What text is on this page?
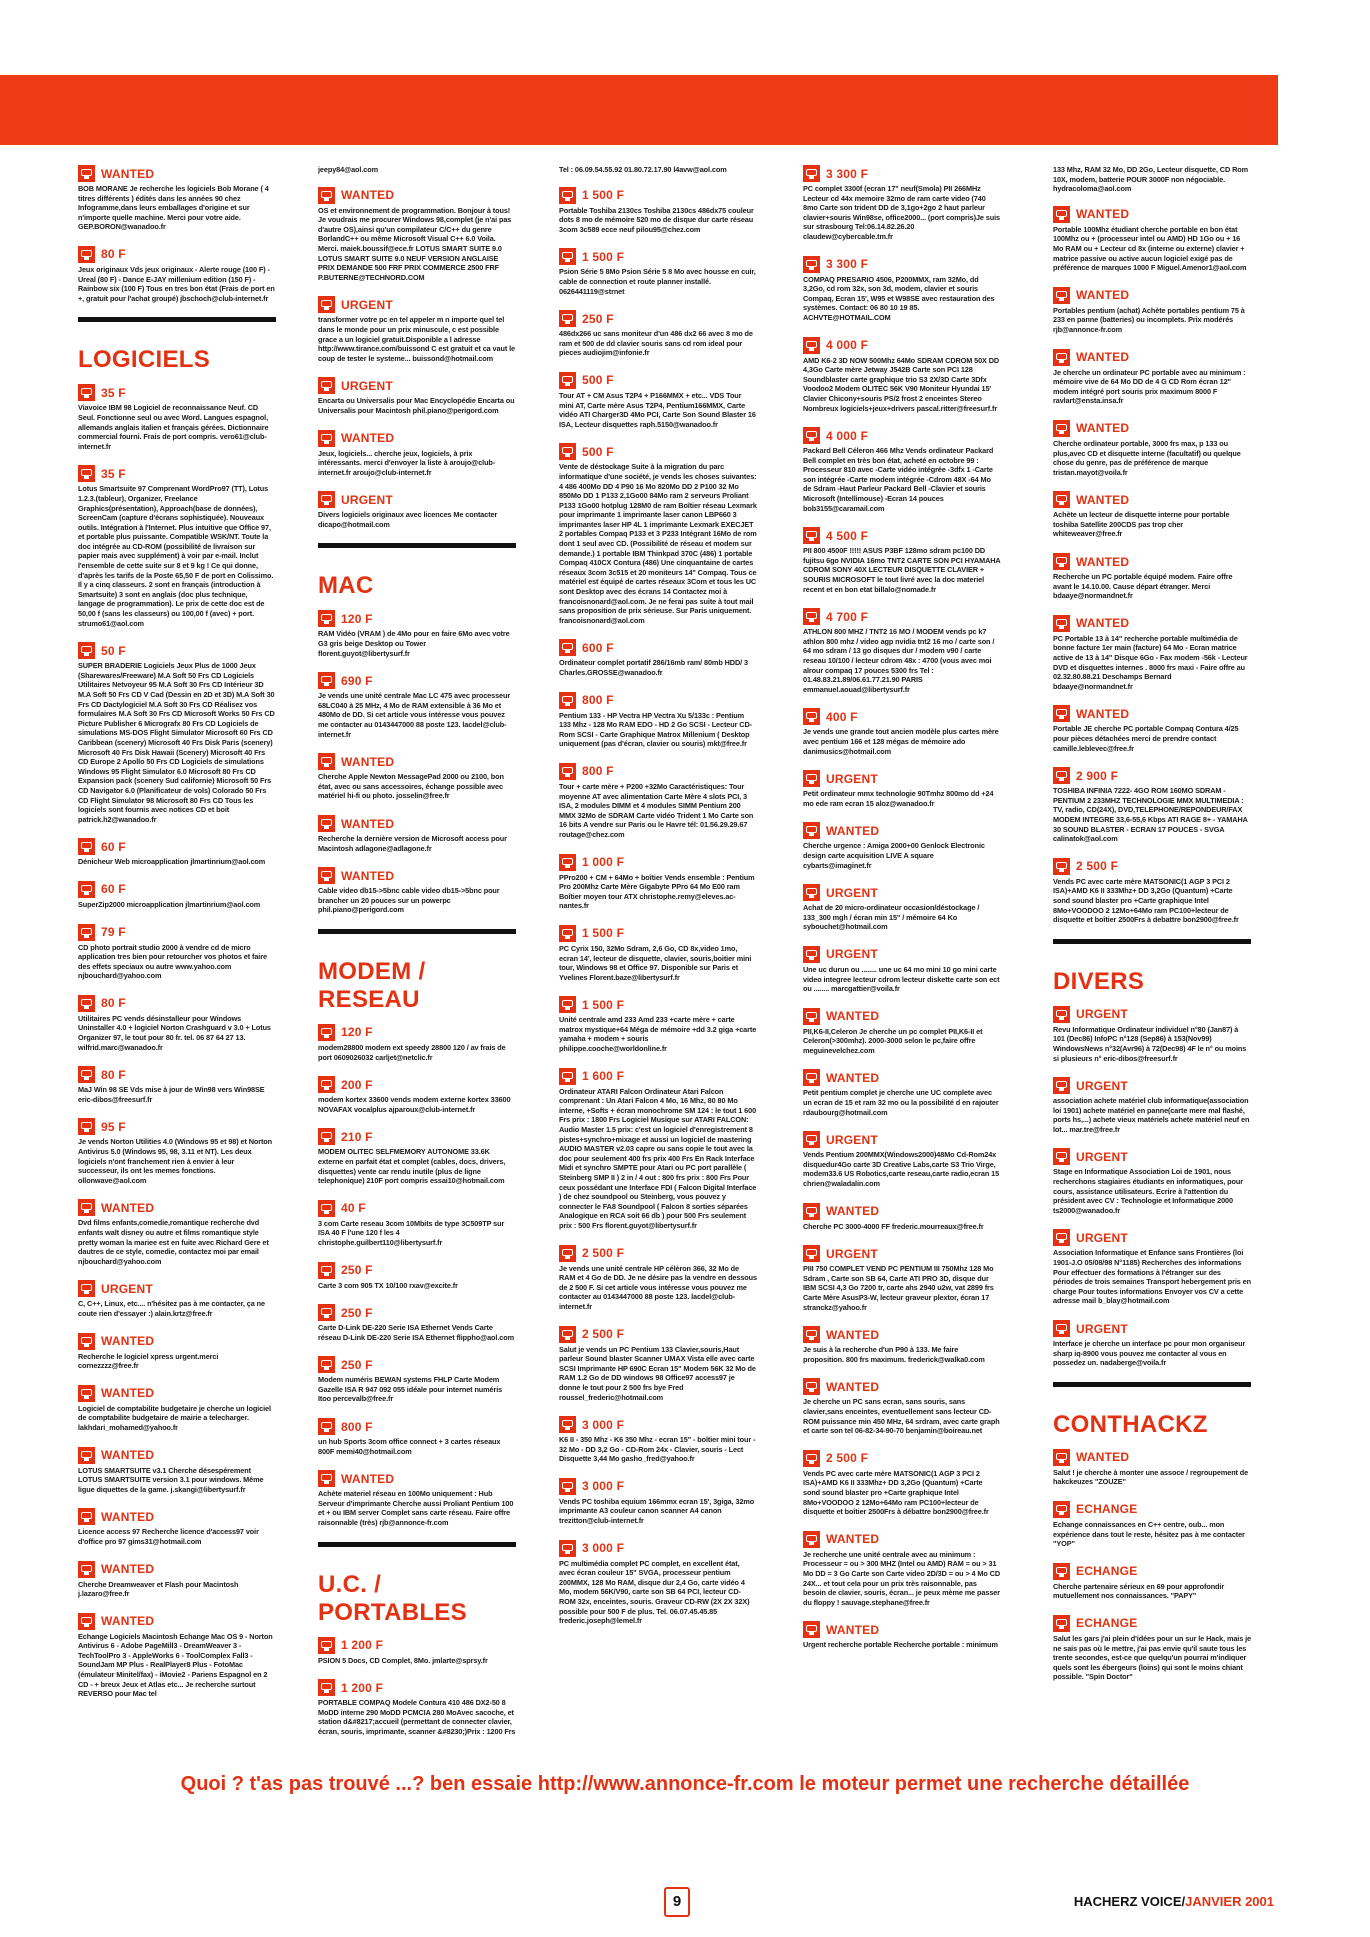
WANTED
BOB MORANE Je recherche les logiciels Bob Morane ( 4 titres différents ) édités dans les années 90 chez Infogramme,dans leurs emballages d'origine et sur n'importe quelle machine. Merci pour votre aide. GEP.BORON@wanadoo.fr
80 F
Jeux originaux Vds jeux originaux - Alerte rouge (100 F) - Ureal (80 F) - Dance E-JAY millenium edition (150 F) - Rainbow six (100 F) Tous en tres bon état (Frais de port en +, gratuit pour l'achat groupé) jbschoch@club-internet.fr
LOGICIELS
35 F
Viavoice IBM 98 Logiciel de reconnaissance Neuf. CD Seul. Fonctionne seul ou avec Word. Langues espagnol, allemands anglais italien et français gérées. Dictionnaire commercial fourni. Frais de port compris. vero61@club-internet.fr
35 F
Lotus Smartsuite 97 Comprenant WordPro97 (TT), Lotus 1.2.3.(tableur), Organizer, Freelance Graphics(présentation), Approach(base de données), ScreenCam (capture d'écrans sophistiquée). Nouveaux outils. Intégration à l'Internet. Plus intuitive que Office 97, et portable plus puissante. Compatible WSK/NT. Toute la doc intégrée au CD-ROM (possibilité de livraison sur papier mais avec supplément) à voir par e-mail. Inclut l'ensemble de cette suite sur 8 et 9 kg ! Ce qui donne, d'après les tarifs de la Poste 65,50 F de port en Colissimo. Il y a cinq classeurs. 2 sont en français (introduction à Smartsuite) 3 sont en anglais (doc plus technique, langage de programmation). Le prix de cette doc est de 50,00 f (sans les classeurs) ou 100,00 f (avec) + port. strumo61@aol.com
50 F
SUPER BRADERIE Logiciels Jeux Plus de 1000 Jeux (Sharewares/Freeware) M.A Soft 50 Frs CD Logiciels Utilitaires Netvoyeur 95 M.A Soft 30 Frs CD Intérieur 3D M.A Soft 50 Frs CD V Cad (Dessin en 2D et 3D) M.A Soft 30 Frs CD Dactylogiciel M.A Soft 30 Frs CD Réalisez vos formulaires M.A Soft 30 Frs CD Microsoft Works 50 Frs CD Picture Publisher 6 Micrografx 80 Frs CD Logiciels de simulations MS-DOS Flight Simulator Microsoft 60 Frs CD Caribbean (scenery) Microsoft 40 Frs Disk Paris (scenery) Microsoft 40 Frs Disk Hawaii (Scenery) Microsoft 40 Frs CD Europe 2 Apollo 50 Frs CD Logiciels de simulations Windows 95 Flight Simulator 6.0 Microsoft 80 Frs CD Expansion pack (scenery Sud californie) Microsoft 50 Frs CD Navigator 6.0 (Planificateur de vols) Colorado 50 Frs CD Flight Simulator 98 Microsoft 80 Frs CD Tous les logiciels sont fournis avec notices CD et boit patrick.h2@wanadoo.fr
60 F
Dénicheur Web microapplication jlmartinrium@aol.com
60 F
SuperZip2000 microapplication jlmartinrium@aol.com
79 F
CD photo portrait studio 2000 à vendre cd de micro application tres bien pour retourcher vos photos et faire des effets speciaux ou autre www.yahoo.com njbouchard@yahoo.com
80 F
Utilitaires PC vends désinstalleur pour Windows Uninstaller 4.0 + logiciel Norton Crashguard v 3.0 + Lotus Organizer 97, le tout pour 80 fr. tel. 06 87 64 27 13. wilfrid.marc@wanadoo.fr
80 F
MaJ Win 98 SE Vds mise à jour de Win98 vers Win98SE eric-dibos@freesurf.fr
95 F
Je vends Norton Utilities 4.0 (Windows 95 et 98) et Norton Antivirus 5.0 (Windows 95, 98, 3.11 et NT). Les deux logiciels n'ont franchement rien à envier à leur successeur, ils ont les memes fonctions. ollonwave@aol.com
WANTED
Dvd films enfants,comedie,romantique recherche dvd enfants walt disney ou autre et films romantique style pretty woman la mariee est en fuite avec Richard Gere et dautres de ce style, comedie, contactez moi par email njbouchard@yahoo.com
URGENT
C, C++, Linux, etc.... n'hésitez pas à me contacter, ça ne coute rien d'essayer :) alain.krtz@free.fr
WANTED
Recherche le logiciel xpress urgent.merci cornezzzz@free.fr
WANTED
Logiciel de comptabilite budgetaire je cherche un logiciel de comptabilite budgetaire de mairie a telecharger. lakhdari_mohamed@yahoo.fr
WANTED
LOTUS SMARTSUITE v3.1 Cherche désespérement LOTUS SMARTSUITE version 3.1 pour windows. Même ligue diquettes de la game. j.skangi@libertysurf.fr
WANTED
Licence access 97 Recherche licence d'access97 voir d'office pro 97 gims31@hotmail.com
WANTED
Cherche Dreamweaver et Flash pour Macintosh j.lazaro@free.fr
WANTED
Echange Logiciels Macintosh Echange Mac OS 9 - Norton Antivirus 6 - Adobe PageMill3 - DreamWeaver 3 - TechToolPro 3 - AppleWorks 6 - ToolComplex Fall3 - SoundJam MP Plus - RealPlayer8 Plus - FotoMac (émulateur Minitel/fax) - iMovie2 - Pariens Espagnol en 2 CD - + breux Jeux et Atlas etc... Je recherche surtout REVERSO pour Mac tel
jeepy84@aol.com
WANTED
OS et environnement de programmation. Bonjour à tous! Je voudrais me procurer Windows 98,complet (je n'ai pas d'autre OS),ainsi qu'un compilateur C/C++ du genre BorlandC++ ou même Microsoft Visual C++ 6.0 Voila. Merci. maiek.boussif@ece.fr LOTUS SMART SUITE 9.0 LOTUS SMART SUITE 9.0 NEUF VERSION ANGLAISE PRIX DEMANDE 500 FRF PRIX COMMERCE 2500 FRF P.BUTERNE@TECHNORD.COM
URGENT
transformer votre pc en tel appeler m n importe quel tel dans le monde pour un prix minuscule, c est possible grace a un logiciel gratuit.Disponible a l adresse http://www.tirance.com/buissond C est gratuit et ca vaut le coup de tester le systeme... buissond@hotmail.com
URGENT
Encarta ou Universalis pour Mac Encyclopédie Encarta ou Universalis pour Macintosh phil.piano@perigord.com
WANTED
Jeux, logiciels... cherche jeux, logiciels, à prix intéressants. merci d'envoyer la liste à aroujo@club-internet.fr aroujo@club-internet.fr
URGENT
Divers logiciels originaux avec licences Me contacter dicapo@hotmail.com
MAC
120 F
RAM Vidéo (VRAM ) de 4Mo pour en faire 6Mo avec votre G3 gris beige Desktop ou Tower florent.guyot@libertysurf.fr
690 F
Je vends une unité centrale Mac LC 475 avec processeur 68LC040 à 25 MHz, 4 Mo de RAM extensible à 36 Mo et 480Mo de DD. Si cet article vous intéresse vous pouvez me contacter au 0143447000 88 poste 123. lacdel@club-internet.fr
WANTED
Cherche Apple Newton MessagePad 2000 ou 2100, bon état, avec ou sans accessoires, échange possible avec matériel hi-fi ou photo. josselin@free.fr
WANTED
Recherche la dernière version de Microsoft access pour Macintosh adlagone@adlagone.fr
WANTED
Cable video db15->5bnc cable video db15->5bnc pour brancher un 20 pouces sur un powerpc phil.piano@perigord.com
MODEM / RESEAU
120 F
modem28800 modem ext speedy 28800 120 / av frais de port 0609026032 carljet@netclic.fr
200 F
modem kortex 33600 vends modem externe kortex 33600 NOVAFAX vocalplus ajparoux@club-internet.fr
210 F
MODEM OLITEC SELFMEMORY AUTONOME 33.6K externe en parfait état et complet (cables, docs, drivers, disquettes) vente car rendu inutile (plus de ligne telephonique) 210F port compris essai10@hotmail.com
40 F
3 com Carte reseau 3com 10Mbits de type 3C509TP sur ISA 40 F l'une 120 f les 4 christophe.guilbert110@libertysurf.fr
250 F
Carte 3 com 905 TX 10/100 rxav@excite.fr
250 F
Carte D-Link DE-220 Serie ISA Ethernet Vends Carte réseau D-Link DE-220 Serie ISA Ethernet flippho@aol.com
250 F
Modem numéris BEWAN systems FHLP Carte Modem Gazelle ISA R 947 092 055 idéale pour internet numéris Itoo percevalb@free.fr
800 F
un hub Sports 3com office connect + 3 cartes réseaux 800F memi40@hotmail.com
WANTED
Achète materiel réseau en 100Mo uniquement : Hub Serveur d'imprimante Cherche aussi Proliant Pentium 100 et + ou IBM server Complet sans carte réseau. Faire offre raisonnable (très) rjb@annonce-fr.com
U.C. / PORTABLES
1 200 F
PSION 5 Docs, CD Complet, 8Mo. jmlarte@sprsy.fr
1 200 F
PORTABLE COMPAQ Modele Contura 410 486 DX2-50 8 MoDD interne 290 MoDD PCMCIA 280 MoAvec sacoche, et station d&#8217;accueil (permettant de connecter clavier, écran, souris, imprimante, scanner &#8230;)Prix : 1200 Frs
Tel : 06.09.54.55.92 01.80.72.17.90 l4avw@aol.com
1 500 F
Portable Toshiba 2130cs Toshiba 2130cs 486dx75 couleur dots 8 mo de mémoire 520 mo de disque dur carte réseau 3com 3c589 ecce neuf pilou95@chez.com
1 500 F
Psion Série 5 8Mo Psion Série 5 8 Mo avec housse en cuir, cable de connection et route planner installé. 0626441119@strnet
250 F
486dx266 uc sans moniteur d'un 486 dx2 66 avec 8 mo de ram et 500 de dd clavier souris sans cd rom ideal pour pieces audiojim@infonie.fr
500 F
Tour AT + CM Asus T2P4 + P166MMX + etc... VDS Tour mini AT, Carte mère Asus T2P4, Pentium166MMX, Carte vidéo ATI Charger3D 4Mo PCI, Carte Son Sound Blaster 16 ISA, Lecteur disquettes raph.5150@wanadoo.fr
500 F
Vente de déstockage Suite à la migration du parc informatique d'une société, je vends les choses suivantes: 4 486 400Mo DD 4 P90 16 Mo 820Mo DD 2 P100 32 Mo 850Mo DD 1 P133 2,1Go00 84Mo ram 2 serveurs Proliant P133 1Go00 hotplug 128M0 de ram Boîtier réseau Lexmark pour imprimante 1 imprimante laser canon LBP660 3 imprimantes laser HP 4L 1 imprimante Lexmark EXECJET 2 portables Compaq P133 et 3 P233 Intégrant 16Mo de rom dont 1 seul avec CD. (Possibilité de réseau et modem sur demande.) 1 portable IBM Thinkpad 370C (486) 1 portable Compaq 410CX Contura (486) Une cinquantaine de cartes réseaux 3com 3c515 et 20 moniteurs 14" Compaq. Tous ce matériel est équipé de cartes réseaux 3Com et tous les UC sont Desktop avec des écrans 14 Contactez moi à francoisnonard@aol.com. Je ne ferai pas suite à tout mail sans proposition de prix sérieuse. Sur Paris uniquement. francoisnonard@aol.com
600 F
Ordinateur complet portatif 286/16mb ram/ 80mb HDD/ 3 Charles.GROSSE@wanadoo.fr
800 F
Pentium 133 - HP Vectra HP Vectra Xu 5/133c : Pentium 133 Mhz - 128 Mo RAM EDO - HD 2 Go SCSI - Lecteur CD-Rom SCSI - Carte Graphique Matrox Millenium ( Desktop uniquement (pas d'écran, clavier ou souris) mkt@free.fr
800 F
Tour + carte mère + P200 +32Mo Caractéristiques: Tour moyenne AT avec alimentation Carte Mère 4 slots PCI, 3 ISA, 2 modules DIMM et 4 modules SIMM Pentium 200 MMX 32Mo de SDRAM Carte vidéo Trident 1 Mo Carte son 16 bits A vendre sur Paris ou le Havre tél: 01.56.29.29.67 routage@chez.com
1 000 F
PPro200 + CM + 64Mo + boîtier Vends ensemble : Pentium Pro 200Mhz Carte Mère Gigabyte PPro 64 Mo E00 ram Boîtier moyen tour ATX christophe.remy@eleves.ac-nantes.fr
1 500 F
PC Cyrix 150, 32Mo Sdram, 2,6 Go, CD 8x,video 1mo, ecran 14', lecteur de disquette, clavier, souris,boitier mini tour, Windows 98 et Office 97. Disponible sur Paris et Yvelines Florent.baze@libertysurf.fr
1 500 F
Unité centrale amd 233 Amd 233 +carte mère + carte matrox mystique+64 Méga de mémoire +dd 3.2 giga +carte yamaha + modem + souris philippe.cooche@worldonline.fr
1 600 F
Ordinateur ATARI Falcon Ordinateur Atari Falcon comprenant : Un Atari Falcon 4 Mo, 16 Mhz, 80 80 Mo interne, +Softs + écran monochrome SM 124 : le tout 1 600 Frs prix : 1800 Frs Logiciel Musique sur ATARI FALCON: Audio Master 1.5 prix: c'est un logiciel d'enregistrement 8 pistes+synchro+mixage et aussi un logiciel de mastering AUDIO MASTER v2.03 capre ou sans copie le tout avec la doc pour seulement 400 frs prix 400 Frs En Rack Interface Midi et synchro SMPTE pour Atari ou PC port parallèle ( Steinberg SMP II ) 2 in / 4 out : 800 frs prix : 800 Frs Pour ceux possédant une Interface FDI ( Falcon Digital Interface ) de chez soundpool ou Steinberg, vous pouvez y connecter le FA8 Soundpool ( Falcon 8 sorties séparées Analogique en RCA soit 66 db ) pour 500 Frs seulement prix : 500 Frs florent.guyot@libertysurf.fr
2 500 F
Je vends une unité centrale HP célèron 366, 32 Mo de RAM et 4 Go de DD. Je ne désire pas la vendre en dessous de 2 500 F. Si cet article vous intéresse vous pouvez me contacter au 0143447000 88 poste 123. lacdel@club-internet.fr
2 500 F
Salut je vends un PC Pentium 133 Clavier,souris,Haut parleur Sound blaster Scanner UMAX Vista elle avec carte SCSI Imprimante HP 690C Ecran 15" Modem 56K 32 Mo de RAM 1.2 Go de DD windows 98 Office97 access97 je donne le tout pour 2 500 frs bye Fred roussel_frederic@hotmail.com
3 000 F
K6 II - 350 Mhz - K6 350 Mhz - ecran 15" - boîtier mini tour - 32 Mo - DD 3,2 Go - CD-Rom 24x - Clavier, souris - Lect Disquette 3,44 Mo gasho_fred@yahoo.fr
3 000 F
Vends PC toshiba equium 166mmx ecran 15', 3giga, 32mo imprimante A3 couleur canon scanner A4 canon trezitton@club-internet.fr
3 000 F
PC multimédia complet PC complet, en excellent état, avec écran couleur 15" SVGA, processeur pentium 200MMX, 128 Mo RAM, disque dur 2,4 Go, carte vidéo 4 Mo, modem 56K/V90, carte son SB 64 PCI, lecteur CD-ROM 32x, enceintes, souris. Graveur CD-RW (2X 2X 32X) possible pour 500 F de plus. Tel. 06.07.45.45.85 frederic.joseph@lemel.fr
3 300 F
PC complet 3300f (ecran 17" neuf(Smola) PII 266MHz Lecteur cd 44x memoire 32mo de ram carte video (740 8mo Carte son trident DD de 3,1go+2go 2 haut parleur clavier+souris Win98se, office2000... (port compris)Je suis sur strasbourg Tel:06.14.82.26.20 claudew@cybercable.tm.fr
3 300 F
COMPAQ PRESARIO 4506, P200MMX, ram 32Mo, dd 3,2Go, cd rom 32x, son 3d, modem, clavier et souris Compaq, Ecran 15', W95 et W98SE avec restauration des systèmes. Contact: 06 80 10 19 85. ACHVTE@HOTMAIL.COM
4 000 F
AMD K6-2 3D NOW 500Mhz 64Mo SDRAM CDROM 50X DD 4,3Go Carte mère Jetway J542B Carte son PCI 128 Soundblaster carte graphique trio S3 2X/3D Carte 3Dfx Voodoo2 Modem OLITEC 56K V90 Moniteur Hyundai 15' Clavier Chicony+souris PS/2 frost 2 enceintes Stereo Nombreux logiciels+jeux+drivers pascal.ritter@freesurf.fr
4 000 F
Packard Bell Céleron 466 Mhz Vends ordinateur Packard Bell complet en très bon état, acheté en octobre 99 : Processeur 810 avec -Carte vidéo intégrée -3dfx 1 -Carte son intégrée -Carte modem intégrée -Cdrom 48X -64 Mo de Sdram -Haut Parleur Packard Bell -Clavier et souris Microsoft (Intellimouse) -Ecran 14 pouces bob3155@caramail.com
4 500 F
PII 800 4500F !!!!! ASUS P3BF 128mo sdram pc100 DD fujitsu 6go NVIDIA 16mo TNT2 CARTE SON PCI HYAMAHA CDROM SONY 40X LECTEUR DISQUETTE CLAVIER + SOURIS MICROSOFT le tout livré avec la doc materiel recent et en bon etat billalo@nomade.fr
4 700 F
ATHLON 800 MHZ / TNT2 16 MO / MODEM vends pc k7 athlon 800 mhz / video agp nvidia tnt2 16 mo / carte son / 64 mo sdram / 13 go disques dur / modem v90 / carte reseau 10/100 / lecteur cdrom 48x : 4700 (vous avec moi alrour compaq 17 pouces 5300 frs Tel : 01.48.83.21.89/06.61.77.21.90 PARIS emmanuel.aouad@libertysurf.fr
400 F
Je vends une grande tout ancien modèle plus cartes mère avec pentium 166 et 128 mégas de mémoire ado danimusics@hotmail.com
URGENT
Petit ordinateur mmx technologie 90Tmhz 800mo dd +24 mo ede ram ecran 15 aloz@wanadoo.fr
WANTED
Cherche urgence : Amiga 2000+00 Genlock Electronic design carte acquisition LIVE A square cybarts@imaginet.fr
URGENT
Achat de 20 micro-ordinateur occasion/déstockage / 133_300 mgh / écran min 15" / mémoire 64 Ko sybouchet@hotmail.com
URGENT
Une uc durun ou ........ une uc 64 mo mini 10 go mini carte video integree lecteur cdrom lecteur diskette carte son ect ou ........ marcgattier@voila.fr
WANTED
PII,K6-II,Celeron Je cherche un pc complet PII,K6-II et Celeron(>300mhz). 2000-3000 selon le pc,faire offre meguinevelchez.com
WANTED
Petit pentium complet je cherche une UC complete avec un ecran de 15 et ram 32 mo ou la possibilité d en rajouter rdaubourg@hotmail.com
URGENT
Vends Pentium 200MMX(Windows2000)48Mo Cd-Rom24x disquedur4Go carte 3D Creative Labs,carte S3 Trio Virge, modem33.6 US Robotics,carte reseau,carte radio,ecran 15 chrien@waladalin.com
WANTED
Cherche PC 3000-4000 FF frederic.mourreaux@free.fr
URGENT
PIII 750 COMPLET VEND PC PENTIUM III 750Mhz 128 Mo Sdram , Carte son SB 64, Carte ATI PRO 3D, disque dur IBM SCSI 4,3 Go 7200 tr, carte ahs 2940 u2w, vat 2899 frs Carte Mère AsusP3-W, lecteur graveur plextor, écran 17 stranckz@yahoo.fr
WANTED
Je suis à la recherche d'un P90 à 133. Me faire proposition. 800 frs maximum. frederick@walka0.com
WANTED
Je cherche un PC sans ecran, sans souris, sans clavier,sans enceintes, eventuellement sans lecteur CD-ROM puissance min 450 MHz, 64 srdram, avec carte graph et carte son tel 06-82-34-90-70 benjamin@boireau.net
2 500 F
Vends PC avec carte mère MATSONIC(1 AGP 3 PCI 2 ISA)+AMD K6 II 333Mhz+ DD 3,2Go (Quantum) +Carte sond sound blaster pro +Carte graphique Intel 8Mo+VOODOO 2 12Mo+64Mo ram PC100+lecteur de disquette et boîtier 2500Frs à débattre bon2900@free.fr
WANTED
Je recherche une unité centrale avec au minimum : Processeur = ou > 300 MHZ (Intel ou AMD) RAM = ou > 31 Mo DD = 3 Go Carte son Carte video 2D/3D = ou > 4 Mo CD 24X... et tout cela pour un prix très raisonnable, pas besoin de clavier, souris, écran... je peux mème me passer du floppy ! sauvage.stephane@free.fr
WANTED
Urgent recherche portable Recherche portable : minimum
133 Mhz, RAM 32 Mo, DD 2Go, Lecteur disquette, CD Rom 10X, modem, batterie POUR 3000F non négociable. hydracoloma@aol.com
WANTED
Portable 100Mhz étudiant cherche portable en bon état 100Mhz ou + (processeur intel ou AMD) HD 1Go ou + 16 Mo RAM ou + Lecteur cd 8x (interne ou externe) clavier + matrice passive ou active aucun logiciel exigé pas de préférence de marques 1000 F Miguel.Amenor1@aol.com
WANTED
Portables pentium (achat) Achète portables pentium 75 à 233 en panne (batteries) ou incomplets. Prix modérés rjb@annonce-fr.com
WANTED
Je cherche un ordinateur PC portable avec au minimum : mémoire vive de 64 Mo DD de 4 G CD Rom écran 12" modem intégré port souris prix maximum 8000 F ravlart@ensta.insa.fr
WANTED
Cherche ordinateur portable, 3000 frs max, p 133 ou plus,avec CD et disquette interne (facultatif) ou quelque chose du genre, pas de préférence de marque tristan.mayot@voila.fr
WANTED
Achète un lecteur de disquette interne pour portable toshiba Satellite 200CDS pas trop cher whiteweaver@free.fr
WANTED
Recherche un PC portable équipé modem. Faire offre avant le 14.10.00. Cause départ étranger. Merci bdaaye@normandnet.fr
WANTED
PC Portable 13 à 14" recherche portable multimédia de bonne facture 1er main (facture) 64 Mo - Ecran matrice active de 13 à 14" Disque 6Go - Fax modem -56k - Lecteur DVD et disquettes internes . 8000 frs maxi - Faire offre au 02.32.80.88.21 Deschamps Bernard bdaaye@normandnet.fr
WANTED
Portable JE cherche PC portable Compaq Contura 4/25 pour pièces détachées merci de prendre contact camille.leblevec@free.fr
2 900 F
TOSHIBA INFINIA 7222- 4GO ROM 160MO SDRAM - PENTIUM 2 233MHZ TECHNOLOGIE MMX MULTIMEDIA : TV, radio, CD(24X), DVD,TELEPHONE/REPONDEUR/FAX MODEM INTEGRE 33,6-55,6 Kbps ATI RAGE 8+ - YAMAHA 30 SOUND BLASTER - ECRAN 17 POUCES - SVGA calinatok@aol.com
2 500 F
Vends PC avec carte mère MATSONIC(1 AGP 3 PCI 2 ISA)+AMD K6 II 333Mhz+ DD 3,2Go (Quantum) +Carte sond sound blaster pro +Carte graphique Intel 8Mo+VOODOO 2 12Mo+64Mo ram PC100+lecteur de disquette et boîtier 2500Frs à debattre bon2900@free.fr
DIVERS
URGENT
Revu Informatique Ordinateur individuel n°80 (Jan87) à 101 (Dec86) InfoPC n°128 (Sep86) à 153(Nov99) WindowsNews n°32(Avr96) à 72(Dec98) 4F le n° ou moins si plusieurs n° eric-dibos@freesurf.fr
URGENT
association achete matériel club informatique(association loi 1901) achete matériel en panne(carte mere mal flashé, ports hs,...) achete vieux matériels achete matériel neuf en lot... mar.tre@free.fr
URGENT
Stage en Informatique Association Loi de 1901, nous recherchons stagiaires étudiants en informatiques, pour cours, assistance utilisateurs. Ecrire à l'attention du président avec CV : Technologie et Informatique 2000 ts2000@wanadoo.fr
URGENT
Association Informatique et Enfance sans Frontières (loi 1901-J.O 05/08/98 N°1185) Recherches des informations Pour effectuer des formations à l'étranger sur des périodes de trois semaines Transport hebergement pris en charge Pour toutes informations Envoyer vos CV a cette adresse mail b_blay@hotmail.com
URGENT
Interface je cherche un interface pc pour mon organiseur sharp iq-8900 vous pouvez me contacter al vous en possedez un. nadaberge@voila.fr
CONTHACKZ
WANTED
Salut ! je cherche à monter une assoce / regroupement de hakckeuzes "ZOUZE"
ECHANGE
Echange connaissances en C++ centre, oub... mon expérience dans tout le reste, hésitez pas à me contacter "YOP"
ECHANGE
Cherche partenaire sérieux en 69 pour approfondir mutuellement nos connaissances. "PAPY"
ECHANGE
Salut les gars j'ai plein d'idées pour un sur le Hack, mais je ne sais pas où le mettre, j'ai pas envie qu'il saute tous les trente secondes, est-ce que quelqu'un pourrai m'indiquer quels sont les ébergeurs (loins) qui sont le moins chiant possible. "Spin Doctor"
Quoi ? t'as pas trouvé ...? ben essaie http://www.annonce-fr.com le moteur permet une recherche détaillée
9	HACHERZ VOICE/JANVIER 2001
